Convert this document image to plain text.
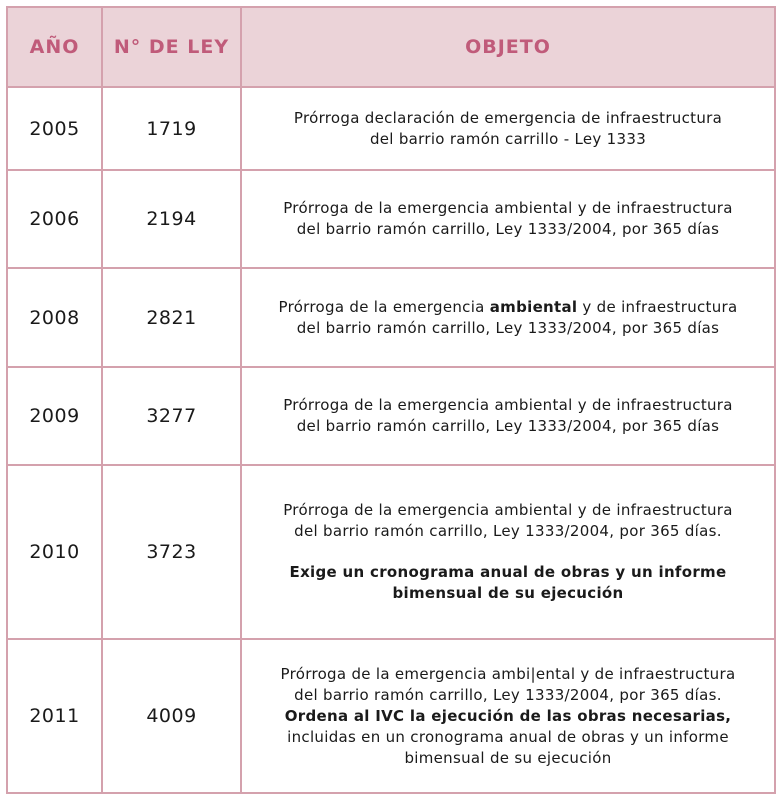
AÑO	N° DE LEY	OBJETO
2005	1719	Prórroga declaración de emergencia de infraestructura
del barrio ramón carrillo - Ley 1333

2006	2194	Prórroga de la emergencia ambiental y de infraestructura
del barrio ramón carrillo, Ley 1333/2004, por 365 días

2008	2821	Prórroga de la emergencia ambiental y de infraestructura
del barrio ramón carrillo, Ley 1333/2004, por 365 días

2009	3277	Prórroga de la emergencia ambiental y de infraestructura
del barrio ramón carrillo, Ley 1333/2004, por 365 días

2010	3723	Prórroga de la emergencia ambiental y de infraestructura
del barrio ramón carrillo, Ley 1333/2004, por 365 días.
Exige un cronograma anual de obras y un informe
bimensual de su ejecución

2011	4009	Prórroga de la emergencia ambi|ental y de infraestructura
del barrio ramón carrillo, Ley 1333/2004, por 365 días.
Ordena al IVC la ejecución de las obras necesarias,
incluidas en un cronograma anual de obras y un informe
bimensual de su ejecución
